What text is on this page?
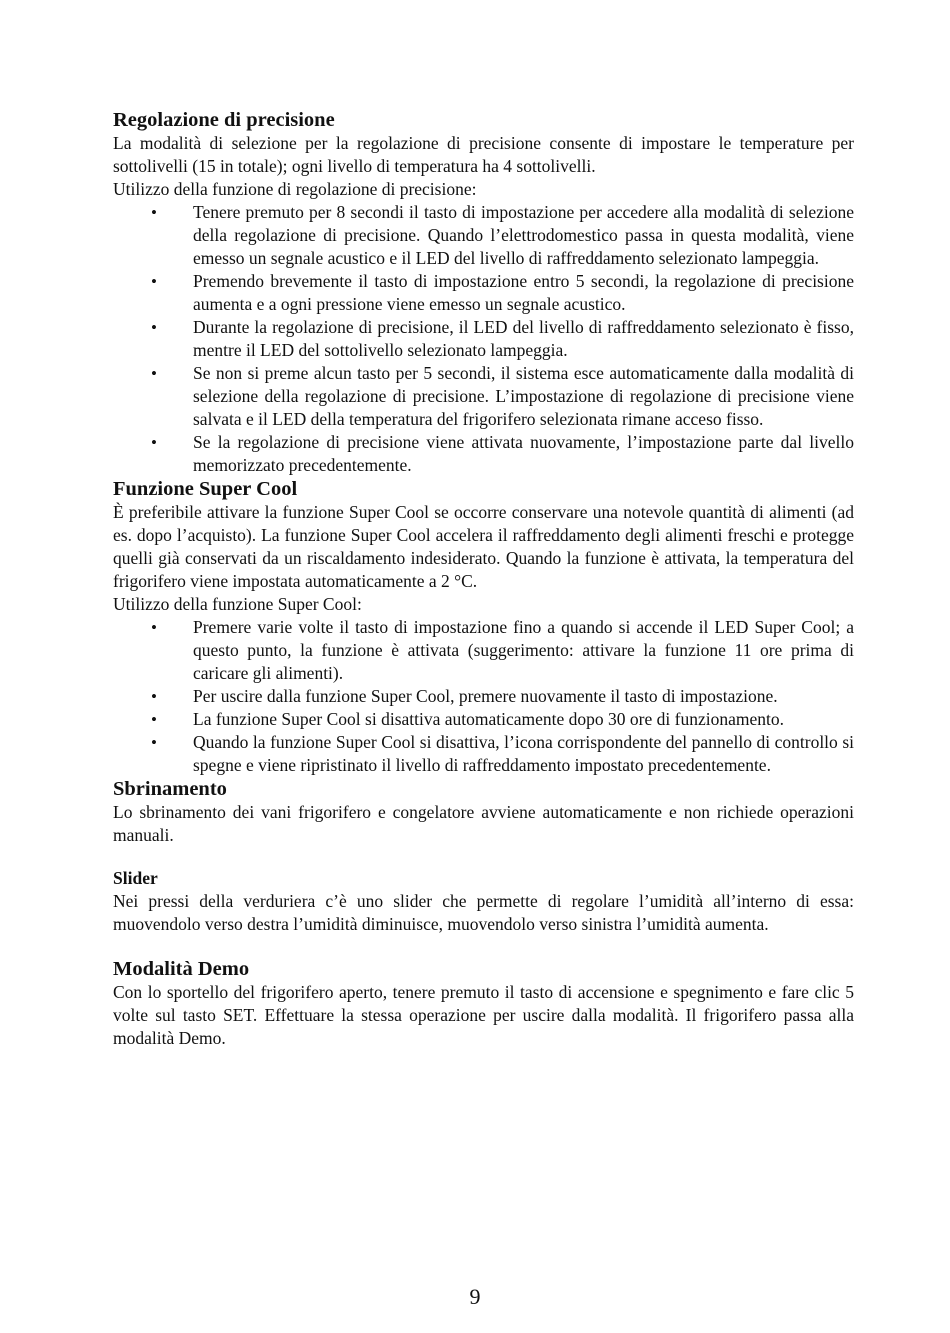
Regolazione di precisione

La modalità di selezione per la regolazione di precisione consente di impostare le temperature per sottolivelli (15 in totale); ogni livello di temperatura ha 4 sottolivelli.

Utilizzo della funzione di regolazione di precisione:

• Tenere premuto per 8 secondi il tasto di impostazione per accedere alla modalità di selezione della regolazione di precisione. Quando l’elettrodomestico passa in questa modalità, viene emesso un segnale acustico e il LED del livello di raffreddamento selezionato lampeggia.
• Premendo brevemente il tasto di impostazione entro 5 secondi, la regolazione di precisione aumenta e a ogni pressione viene emesso un segnale acustico.
• Durante la regolazione di precisione, il LED del livello di raffreddamento selezionato è fisso, mentre il LED del sottolivello selezionato lampeggia.
• Se non si preme alcun tasto per 5 secondi, il sistema esce automaticamente dalla modalità di selezione della regolazione di precisione. L’impostazione di regolazione di precisione viene salvata e il LED della temperatura del frigorifero selezionata rimane acceso fisso.
• Se la regolazione di precisione viene attivata nuovamente, l’impostazione parte dal livello memorizzato precedentemente.
Funzione Super Cool

È preferibile attivare la funzione Super Cool se occorre conservare una notevole quantità di alimenti (ad es. dopo l’acquisto). La funzione Super Cool accelera il raffreddamento degli alimenti freschi e protegge quelli già conservati da un riscaldamento indesiderato. Quando la funzione è attivata, la temperatura del frigorifero viene impostata automaticamente a 2 °C.

Utilizzo della funzione Super Cool:

• Premere varie volte il tasto di impostazione fino a quando si accende il LED Super Cool; a questo punto, la funzione è attivata (suggerimento: attivare la funzione 11 ore prima di caricare gli alimenti).
• Per uscire dalla funzione Super Cool, premere nuovamente il tasto di impostazione.
• La funzione Super Cool si disattiva automaticamente dopo 30 ore di funzionamento.
• Quando la funzione Super Cool si disattiva, l’icona corrispondente del pannello di controllo si spegne e viene ripristinato il livello di raffreddamento impostato precedentemente.
Sbrinamento

Lo sbrinamento dei vani frigorifero e congelatore avviene automaticamente e non richiede operazioni manuali.

Slider

Nei pressi della verduriera c’è uno slider che permette di regolare l’umidità all’interno di essa: muovendolo verso destra l’umidità diminuisce, muovendolo verso sinistra l’umidità aumenta.

Modalità Demo

Con lo sportello del frigorifero aperto, tenere premuto il tasto di accensione e spegnimento e fare clic 5 volte sul tasto SET. Effettuare la stessa operazione per uscire dalla modalità. Il frigorifero passa alla modalità Demo.

9
